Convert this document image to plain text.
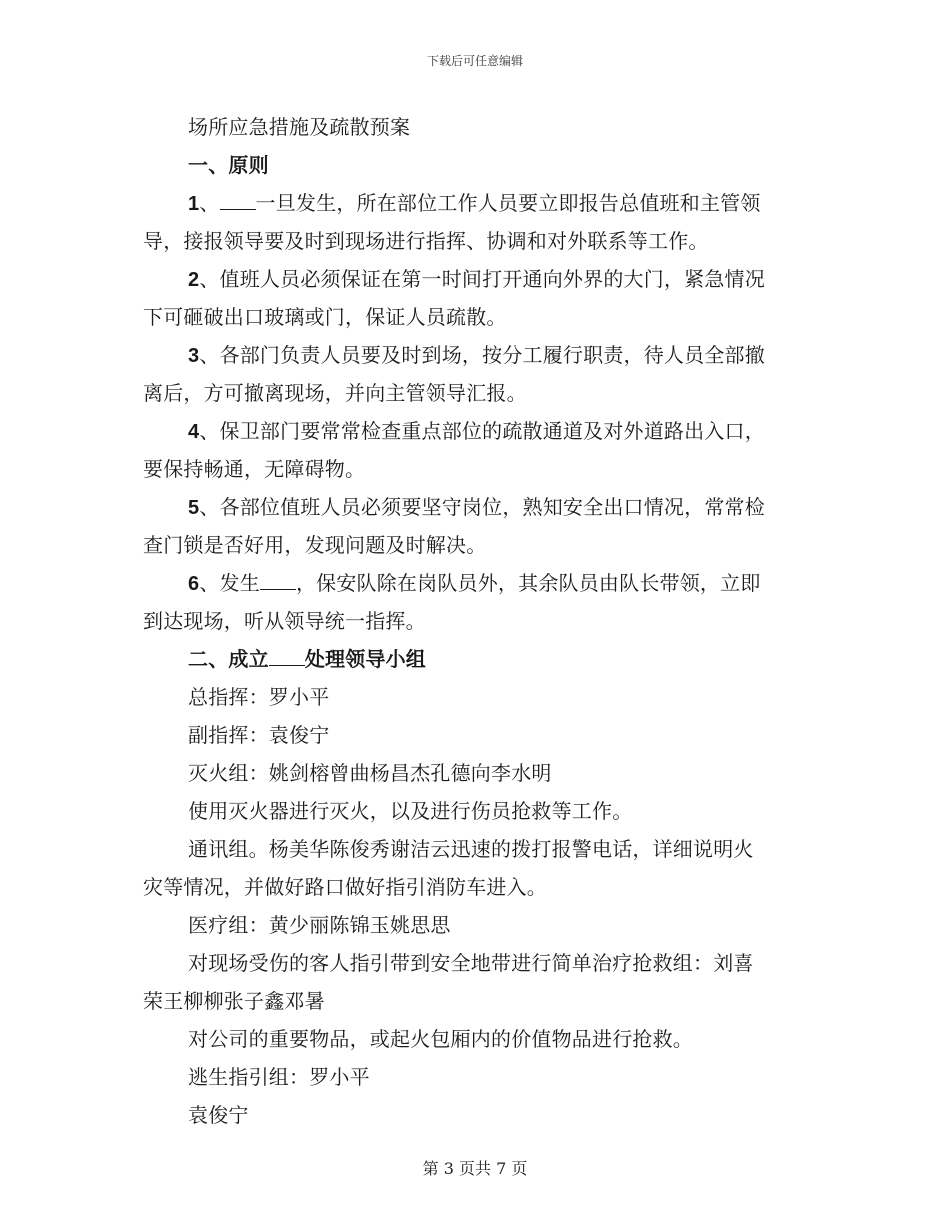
下载后可任意编辑
场所应急措施及疏散预案
一、原则
1、 一旦发生，所在部位工作人员要立即报告总值班和主管领
导，接报领导要及时到现场进行指挥、协调和对外联系等工作。
2、值班人员必须保证在第一时间打开通向外界的大门，紧急情况
下可砸破出口玻璃或门，保证人员疏散。
3、各部门负责人员要及时到场，按分工履行职责，待人员全部撤
离后，方可撤离现场，并向主管领导汇报。
4、保卫部门要常常检查重点部位的疏散通道及对外道路出入口，
要保持畅通，无障碍物。
5、各部位值班人员必须要坚守岗位，熟知安全出口情况，常常检
查门锁是否好用，发现问题及时解决。
6、发生 ，保安队除在岗队员外，其余队员由队长带领，立即
到达现场，听从领导统一指挥。
二、成立 处理领导小组
总指挥：罗小平
副指挥：袁俊宁
灭火组：姚剑榕曾曲杨昌杰孔德向李水明
使用灭火器进行灭火，以及进行伤员抢救等工作。
通讯组。杨美华陈俊秀谢洁云迅速的拨打报警电话，详细说明火
灾等情况，并做好路口做好指引消防车进入。
医疗组：黄少丽陈锦玉姚思思
对现场受伤的客人指引带到安全地带进行简单治疗抢救组：刘喜
荣王柳柳张子鑫邓暑
对公司的重要物品，或起火包厢内的价值物品进行抢救。
逃生指引组：罗小平
袁俊宁
第 3 页共 7 页
